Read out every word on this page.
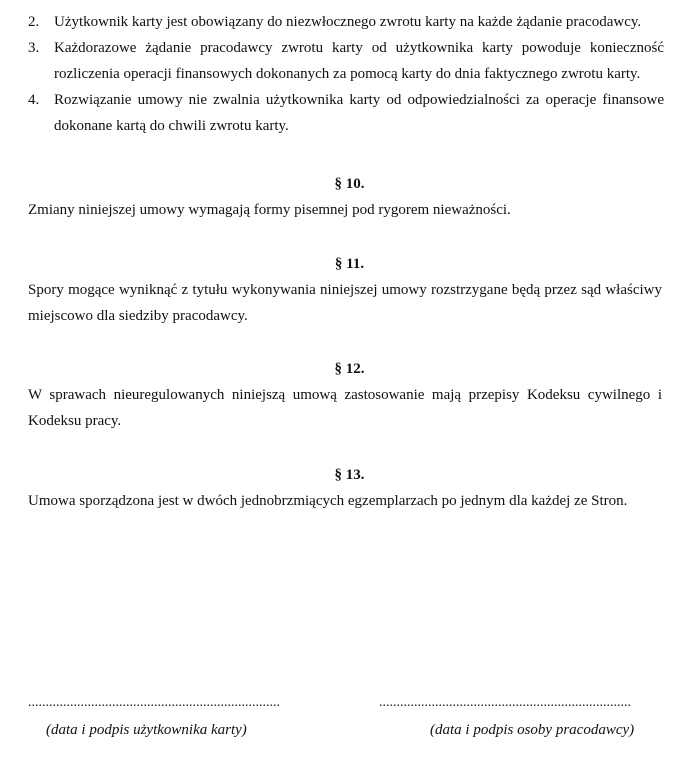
2. Użytkownik karty jest obowiązany do niezwłocznego zwrotu karty na każde żądanie pracodawcy.

3. Każdorazowe żądanie pracodawcy zwrotu karty od użytkownika karty powoduje konieczność rozliczenia operacji finansowych dokonanych za pomocą karty do dnia faktycznego zwrotu karty.

4. Rozwiązanie umowy nie zwalnia użytkownika karty od odpowiedzialności za operacje finansowe dokonane kartą do chwili zwrotu karty.

§ 10.

Zmiany niniejszej umowy wymagają formy pisemnej pod rygorem nieważności.

§ 11.

Spory mogące wyniknąć z tytułu wykonywania niniejszej umowy rozstrzygane będą przez sąd właściwy miejscowo dla siedziby pracodawcy.

§ 12.

W sprawach nieuregulowanych niniejszą umową zastosowanie mają przepisy Kodeksu cywilnego i Kodeksu pracy.

§ 13.

Umowa sporządzona jest w dwóch jednobrzmiących egzemplarzach po jednym dla każdej ze Stron.

........................................................................
(data i podpis użytkownika karty)
........................................................................
(data i podpis osoby pracodawcy)
